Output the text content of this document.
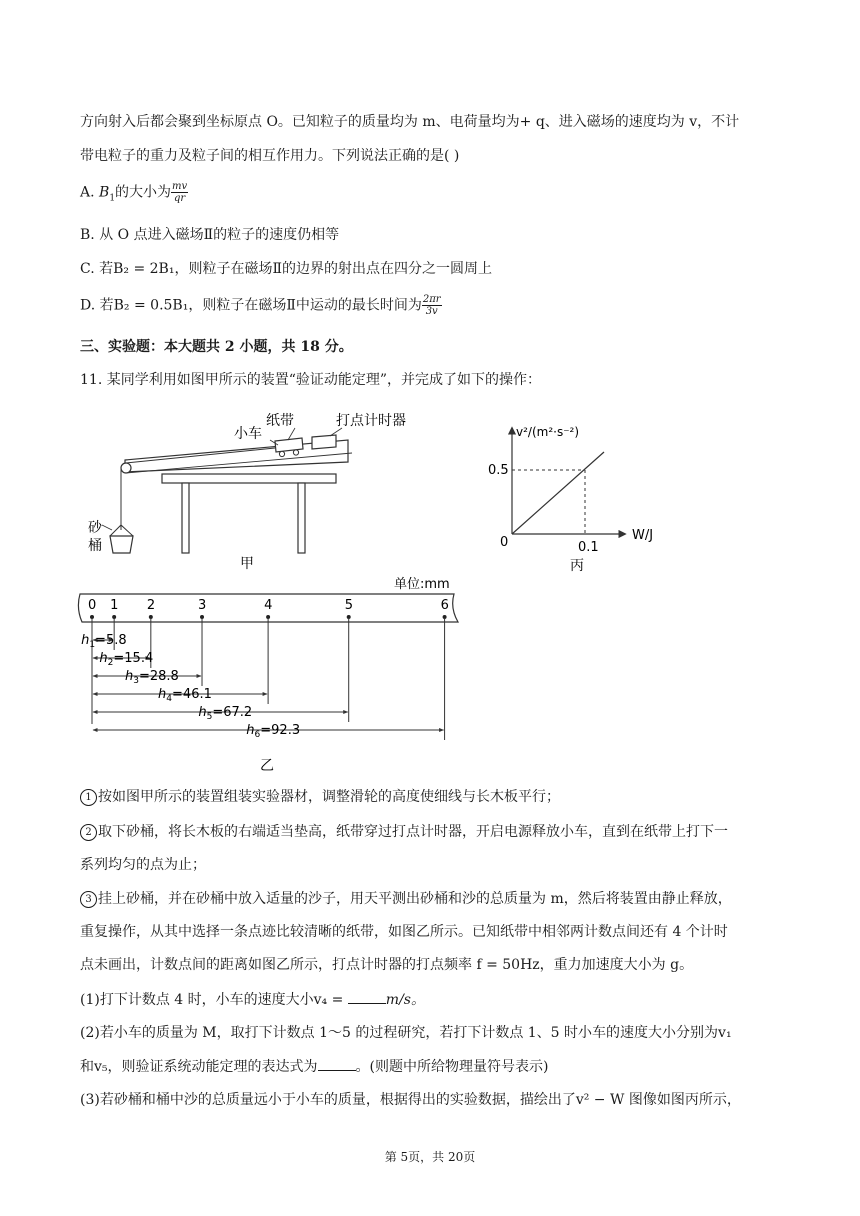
方向射入后都会聚到坐标原点 O。已知粒子的质量均为 m、电荷量均为+ q、进入磁场的速度均为 v，不计
带电粒子的重力及粒子间的相互作用力。下列说法正确的是( )
A. $B_1$的大小为 $\frac{mv}{qr}$
B. 从 O 点进入磁场Ⅱ的粒子的速度仍相等
C. 若B₂ = 2B₁，则粒子在磁场Ⅱ的边界的射出点在四分之一圆周上
D. 若B₂ = 0.5B₁，则粒子在磁场Ⅱ中运动的最长时间为 $\frac{2\pi r}{3v}$
三、实验题：本大题共 2 小题，共 18 分。
11. 某同学利用如图甲所示的装置“验证动能定理”，并完成了如下的操作：
纸带	打点计时器
小车
砂
桶
甲
v²/(m²·s⁻²)
W/J
0.5
0.1
0
丙
单位:mm
0 1 2	3	4	5	6
$h_1=5.8$
$h_2=15.4$
$h_3=28.8$
$h_4=46.1$
$h_5=67.2$
$h_6=92.3$
乙
1 按如图甲所示的装置组装实验器材，调整滑轮的高度使细线与长木板平行；
2 取下砂桶，将长木板的右端适当垫高，纸带穿过打点计时器，开启电源释放小车，直到在纸带上打下一
系列均匀的点为止；
3 挂上砂桶，并在砂桶中放入适量的沙子，用天平测出砂桶和沙的总质量为 m，然后将装置由静止释放，
重复操作，从其中选择一条点迹比较清晰的纸带，如图乙所示。已知纸带中相邻两计数点间还有 4 个计时
点未画出，计数点间的距离如图乙所示，打点计时器的打点频率 f = 50Hz，重力加速度大小为 g。
(1)打下计数点 4 时，小车的速度大小v₄ =	m/s。
(2)若小车的质量为 M，取打下计数点 1～5 的过程研究，若打下计数点 1、5 时小车的速度大小分别为v₁
和v₅，则验证系统动能定理的表达式为	。(则题中所给物理量符号表示)
(3)若砂桶和桶中沙的总质量远小于小车的质量，根据得出的实验数据，描绘出了v² − W 图像如图丙所示，
第 5页，共 20页
